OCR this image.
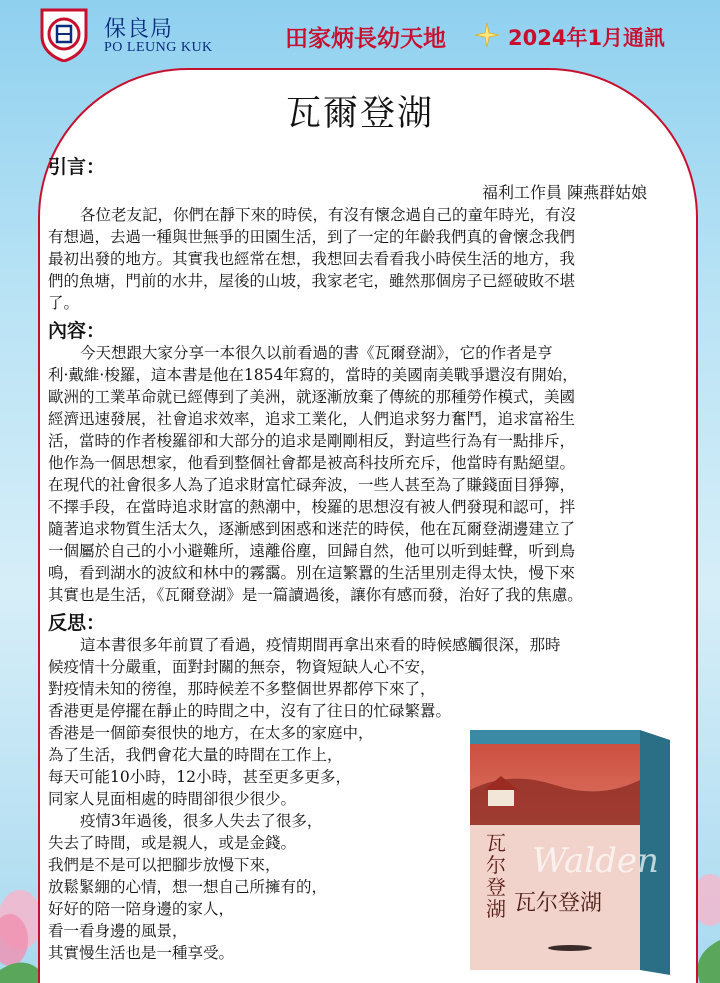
保良局
PO LEUNG KUK	田家炳長幼天地	2024年1月通訊
瓦爾登湖
引言：
福利工作員 陳燕群姑娘
各位老友記，你們在靜下來的時侯，有沒有懷念過自己的童年時光，有沒
有想過，去過一種與世無爭的田園生活，到了一定的年齡我們真的會懷念我們
最初出發的地方。其實我也經常在想，我想回去看看我小時侯生活的地方，我
們的魚塘，門前的水井，屋後的山坡，我家老宅，雖然那個房子已經破敗不堪
了。
內容：
今天想跟大家分享一本很久以前看過的書《瓦爾登湖》，它的作者是亨
利·戴維·梭羅，這本書是他在1854年寫的，當時的美國南美戰爭還沒有開始，
歐洲的工業革命就已經傳到了美洲，就逐漸放棄了傳統的那種勞作模式，美國
經濟迅速發展，社會追求效率，追求工業化，人們追求努力奮鬥，追求富裕生
活，當時的作者梭羅卻和大部分的追求是剛剛相反，對這些行為有一點排斥，
他作為一個思想家，他看到整個社會都是被高科技所充斥，他當時有點絕望。
在現代的社會很多人為了追求財富忙碌奔波，一些人甚至為了賺錢面目猙獰，
不擇手段，在當時追求財富的熱潮中，梭羅的思想沒有被人們發現和認可，拌
隨著追求物質生活太久，逐漸感到困惑和迷茫的時侯，他在瓦爾登湖邊建立了
一個屬於自己的小小避難所，遠離俗塵，回歸自然，他可以听到蛙聲，听到鳥
鳴，看到湖水的波紋和林中的霧靄。別在這繁囂的生活里別走得太快，慢下來
其實也是生活，《瓦爾登湖》是一篇讀過後，讓你有感而發，治好了我的焦慮。
反思：
這本書很多年前買了看過，疫情期間再拿出來看的時候感觸很深，那時
候疫情十分嚴重，面對封關的無奈，物資短缺人心不安，
對疫情未知的徬徨，那時候差不多整個世界都停下來了，
香港更是停擺在靜止的時間之中，沒有了往日的忙碌繁囂。
香港是一個節奏很快的地方，在太多的家庭中，
為了生活，我們會花大量的時間在工作上，
每天可能10小時，12小時，甚至更多更多，
同家人見面相處的時間卻很少很少。
疫情3年過後，很多人失去了很多，
失去了時間，或是親人，或是金錢。
我們是不是可以把腳步放慢下來，
放鬆緊綳的心情，想一想自己所擁有的，
好好的陪一陪身邊的家人，
看一看身邊的風景，
其實慢生活也是一種享受。
瓦尔登湖
Walden
瓦尔登湖
